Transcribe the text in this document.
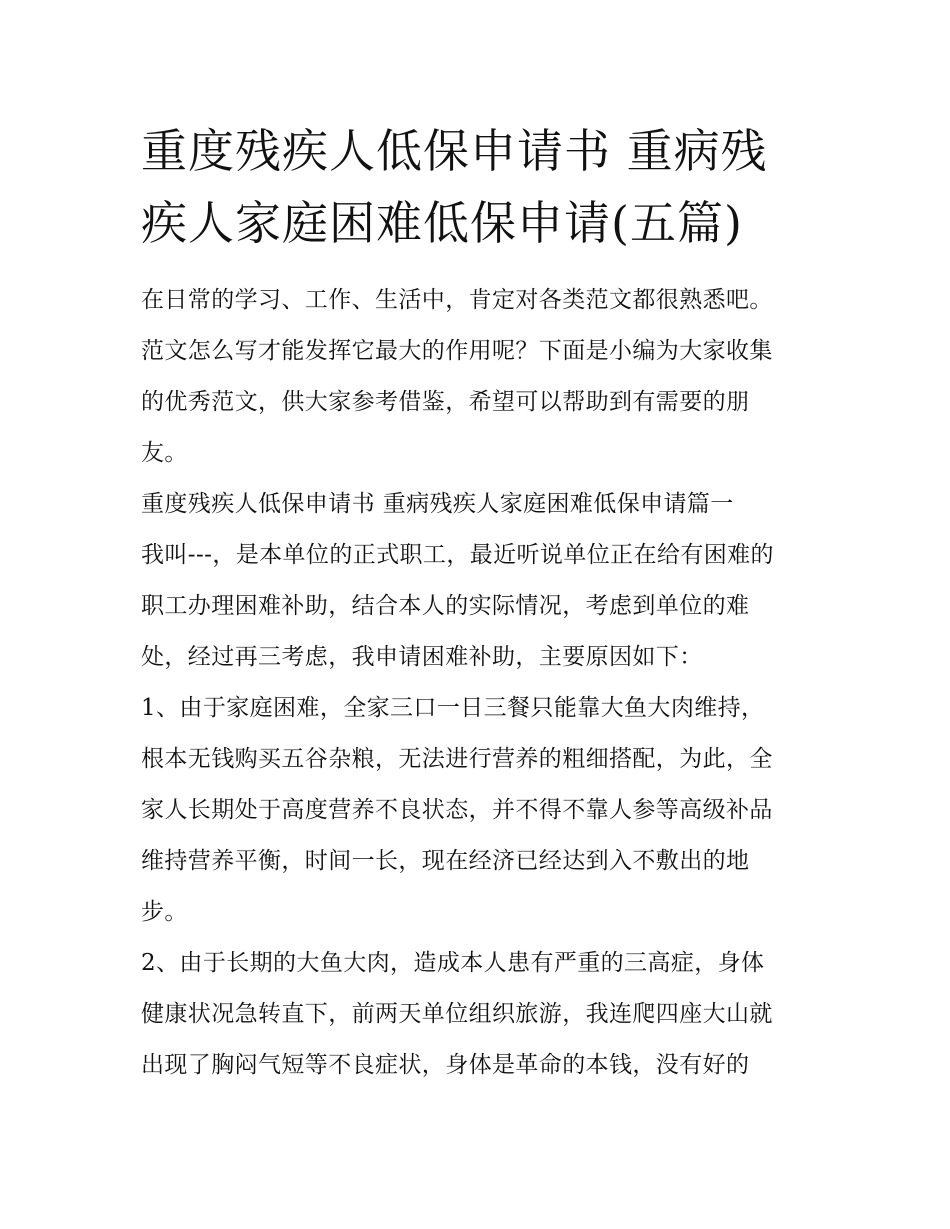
重度残疾人低保申请书 重病残
疾人家庭困难低保申请(五篇)
在日常的学习、工作、生活中，肯定对各类范文都很熟悉吧。
范文怎么写才能发挥它最大的作用呢？下面是小编为大家收集
的优秀范文，供大家参考借鉴，希望可以帮助到有需要的朋
友。
重度残疾人低保申请书 重病残疾人家庭困难低保申请篇一
我叫---，是本单位的正式职工，最近听说单位正在给有困难的
职工办理困难补助，结合本人的实际情况，考虑到单位的难
处，经过再三考虑，我申请困难补助，主要原因如下：
1、由于家庭困难，全家三口一日三餐只能靠大鱼大肉维持，
根本无钱购买五谷杂粮，无法进行营养的粗细搭配，为此，全
家人长期处于高度营养不良状态，并不得不靠人参等高级补品
维持营养平衡，时间一长，现在经济已经达到入不敷出的地
步。
2、由于长期的大鱼大肉，造成本人患有严重的三高症，身体
健康状况急转直下，前两天单位组织旅游，我连爬四座大山就
出现了胸闷气短等不良症状，身体是革命的本钱，没有好的
